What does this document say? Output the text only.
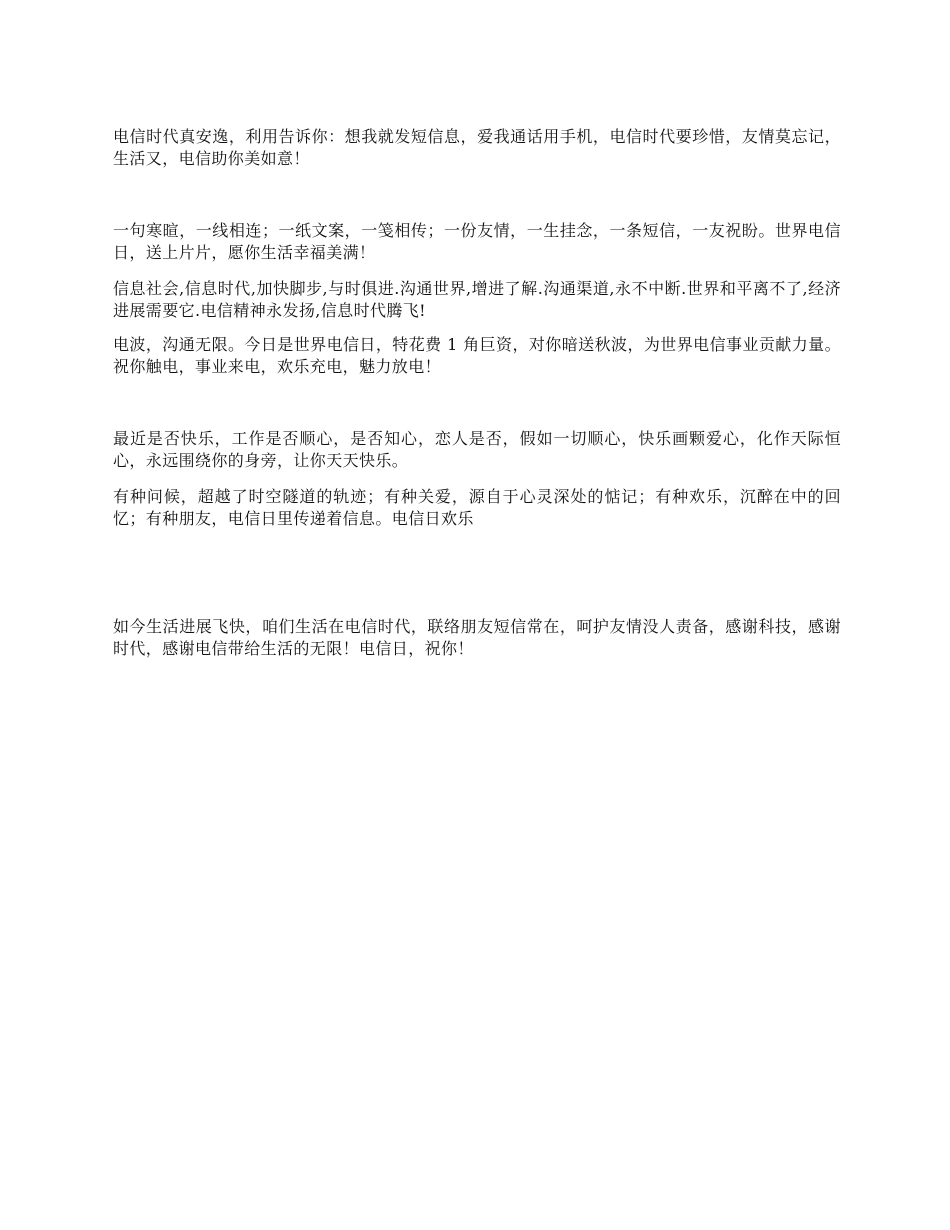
电信时代真安逸，利用告诉你：想我就发短信息，爱我通话用手机，电信时代要珍惜，友情莫忘记，生活又，电信助你美如意！

一句寒暄，一线相连；一纸文案，一笺相传；一份友情，一生挂念，一条短信，一友祝盼。世界电信日，送上片片，愿你生活幸福美满！

信息社会,信息时代,加快脚步,与时俱进.沟通世界,增进了解.沟通渠道,永不中断.世界和平离不了,经济进展需要它.电信精神永发扬,信息时代腾飞!

电波，沟通无限。今日是世界电信日，特花费 1 角巨资，对你暗送秋波，为世界电信事业贡献力量。祝你触电，事业来电，欢乐充电，魅力放电！

最近是否快乐，工作是否顺心，是否知心，恋人是否，假如一切顺心，快乐画颗爱心，化作天际恒心，永远围绕你的身旁，让你天天快乐。

有种问候，超越了时空隧道的轨迹；有种关爱，源自于心灵深处的惦记；有种欢乐，沉醉在中的回忆；有种朋友，电信日里传递着信息。电信日欢乐

如今生活进展飞快，咱们生活在电信时代，联络朋友短信常在，呵护友情没人责备，感谢科技，感谢时代，感谢电信带给生活的无限！电信日，祝你！
